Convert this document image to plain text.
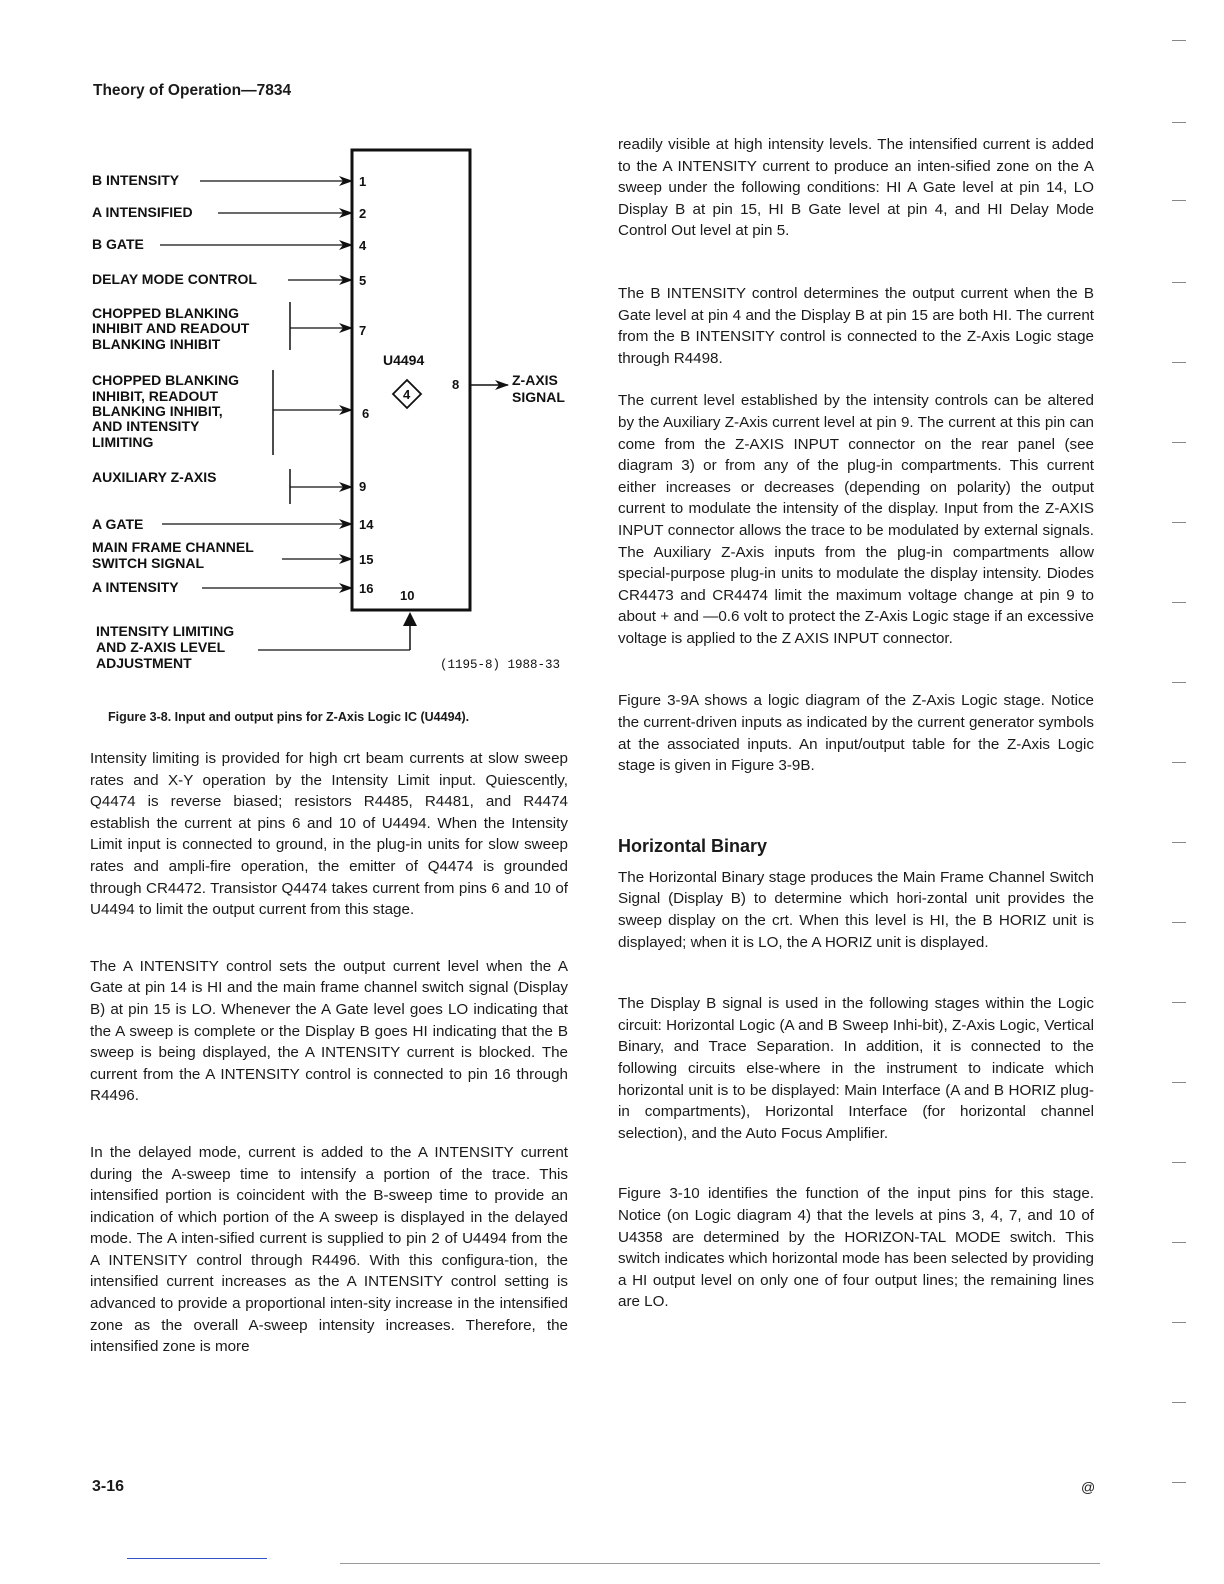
Theory of Operation—7834
U4494
4
8	Z-AXIS
SIGNAL
B INTENSITY	1
A INTENSIFIED	2
B GATE	4
DELAY MODE CONTROL	5
CHOPPED BLANKING
INHIBIT AND READOUT
BLANKING INHIBIT
7
CHOPPED BLANKING
INHIBIT, READOUT
BLANKING INHIBIT,
AND INTENSITY
LIMITING
6
AUXILIARY Z-AXIS
9
A GATE	14
MAIN FRAME CHANNEL
SWITCH SIGNAL	15
A INTENSITY	16 10
INTENSITY LIMITING
AND Z-AXIS LEVEL
ADJUSTMENT	(1195-8) 1988-33
Figure 3-8. Input and output pins for Z-Axis Logic IC (U4494).

Intensity limiting is provided for high crt beam currents at slow sweep rates and X-Y operation by the Intensity Limit input. Quiescently, Q4474 is reverse biased; resistors R4485, R4481, and R4474 establish the current at pins 6 and 10 of U4494. When the Intensity Limit input is connected to ground, in the plug-in units for slow sweep rates and ampli-fire operation, the emitter of Q4474 is grounded through CR4472. Transistor Q4474 takes current from pins 6 and 10 of U4494 to limit the output current from this stage.

The A INTENSITY control sets the output current level when the A Gate at pin 14 is HI and the main frame channel switch signal (Display B) at pin 15 is LO. Whenever the A Gate level goes LO indicating that the A sweep is complete or the Display B goes HI indicating that the B sweep is being displayed, the A INTENSITY current is blocked. The current from the A INTENSITY control is connected to pin 16 through R4496.

In the delayed mode, current is added to the A INTENSITY current during the A-sweep time to intensify a portion of the trace. This intensified portion is coincident with the B-sweep time to provide an indication of which portion of the A sweep is displayed in the delayed mode. The A inten-sified current is supplied to pin 2 of U4494 from the A INTENSITY control through R4496. With this configura-tion, the intensified current increases as the A INTENSITY control setting is advanced to provide a proportional inten-sity increase in the intensified zone as the overall A-sweep intensity increases. Therefore, the intensified zone is more

readily visible at high intensity levels. The intensified current is added to the A INTENSITY current to produce an inten-sified zone on the A sweep under the following conditions: HI A Gate level at pin 14, LO Display B at pin 15, HI B Gate level at pin 4, and HI Delay Mode Control Out level at pin 5.

The B INTENSITY control determines the output current when the B Gate level at pin 4 and the Display B at pin 15 are both HI. The current from the B INTENSITY control is connected to the Z-Axis Logic stage through R4498.

The current level established by the intensity controls can be altered by the Auxiliary Z-Axis current level at pin 9. The current at this pin can come from the Z-AXIS INPUT connector on the rear panel (see diagram 3) or from any of the plug-in compartments. This current either increases or decreases (depending on polarity) the output current to modulate the intensity of the display. Input from the Z-AXIS INPUT connector allows the trace to be modulated by external signals. The Auxiliary Z-Axis inputs from the plug-in compartments allow special-purpose plug-in units to modulate the display intensity. Diodes CR4473 and CR4474 limit the maximum voltage change at pin 9 to about + and —0.6 volt to protect the Z-Axis Logic stage if an excessive voltage is applied to the Z AXIS INPUT connector.

Figure 3-9A shows a logic diagram of the Z-Axis Logic stage. Notice the current-driven inputs as indicated by the current generator symbols at the associated inputs. An input/output table for the Z-Axis Logic stage is given in Figure 3-9B.

Horizontal Binary

The Horizontal Binary stage produces the Main Frame Channel Switch Signal (Display B) to determine which hori-zontal unit provides the sweep display on the crt. When this level is HI, the B HORIZ unit is displayed; when it is LO, the A HORIZ unit is displayed.

The Display B signal is used in the following stages within the Logic circuit: Horizontal Logic (A and B Sweep Inhi-bit), Z-Axis Logic, Vertical Binary, and Trace Separation. In addition, it is connected to the following circuits else-where in the instrument to indicate which horizontal unit is to be displayed: Main Interface (A and B HORIZ plug-in compartments), Horizontal Interface (for horizontal channel selection), and the Auto Focus Amplifier.

Figure 3-10 identifies the function of the input pins for this stage. Notice (on Logic diagram 4) that the levels at pins 3, 4, 7, and 10 of U4358 are determined by the HORIZON-TAL MODE switch. This switch indicates which horizontal mode has been selected by providing a HI output level on only one of four output lines; the remaining lines are LO.

3-16	@
